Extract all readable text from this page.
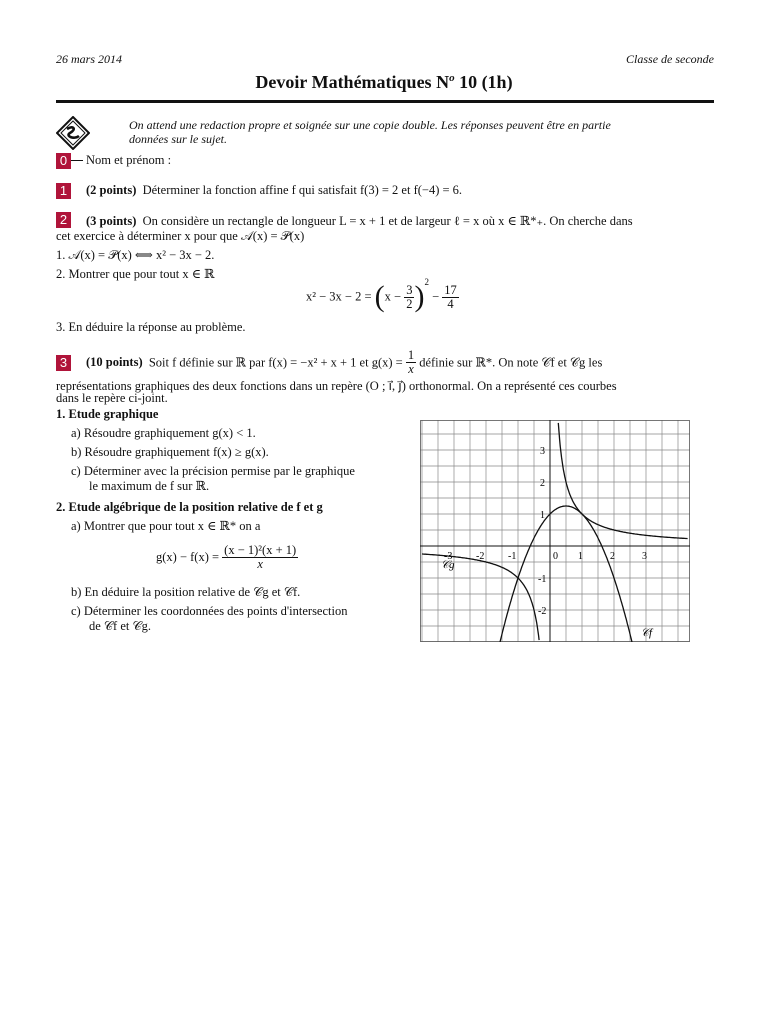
26 mars 2014	Classe de seconde
Devoir Mathématiques $N^o$ 10 (1h)
On attend une redaction propre et soignée sur une copie double. Les réponses peuvent être en partie
données sur le sujet.
0	Nom et prénom :
1	(2 points) Déterminer la fonction affine f qui satisfait f(3) = 2 et f(−4) = 6.
2	(3 points) On considère un rectangle de longueur L = x + 1 et de largeur ℓ = x où x ∈ ℝ*₊. On cherche dans
cet exercice à déterminer x pour que 𝒜(x) = 𝒫(x)
1. 𝒜(x) = 𝒫(x) ⟺ x² − 3x − 2.
2. Montrer que pour tout x ∈ ℝ
$x^2 - 3x - 2 = (x - \frac{3}{2} )^2 - \frac{17}{4}$
3. En déduire la réponse au problème.
3	(10 points) Soit f définie sur ℝ par f(x) = −x² + x + 1 et $g(x) = \frac{1}{x}$ définie sur ℝ*. On note 𝒞f et 𝒞g les
représentations graphiques des deux fonctions dans un repère (O ; i⃗, j⃗) orthonormal. On a représenté ces courbes
dans le repère ci-joint.
1. Etude graphique
a) Résoudre graphiquement g(x) < 1.
b) Résoudre graphiquement f(x) ≥ g(x).
c) Déterminer avec la précision permise par le graphique
le maximum de f sur ℝ.
2. Etude algébrique de la position relative de f et g
a) Montrer que pour tout x ∈ ℝ* on a
$g(x) - f(x) = \frac{\text{(x − 1)²(x + 1)}}{x}$
b) En déduire la position relative de 𝒞g et 𝒞f.
c) Déterminer les coordonnées des points d'intersection
de 𝒞f et 𝒞g.
-3 -2 -1	0 1	2	3
3
2
1
-1
-2
𝒞g
𝒞f
